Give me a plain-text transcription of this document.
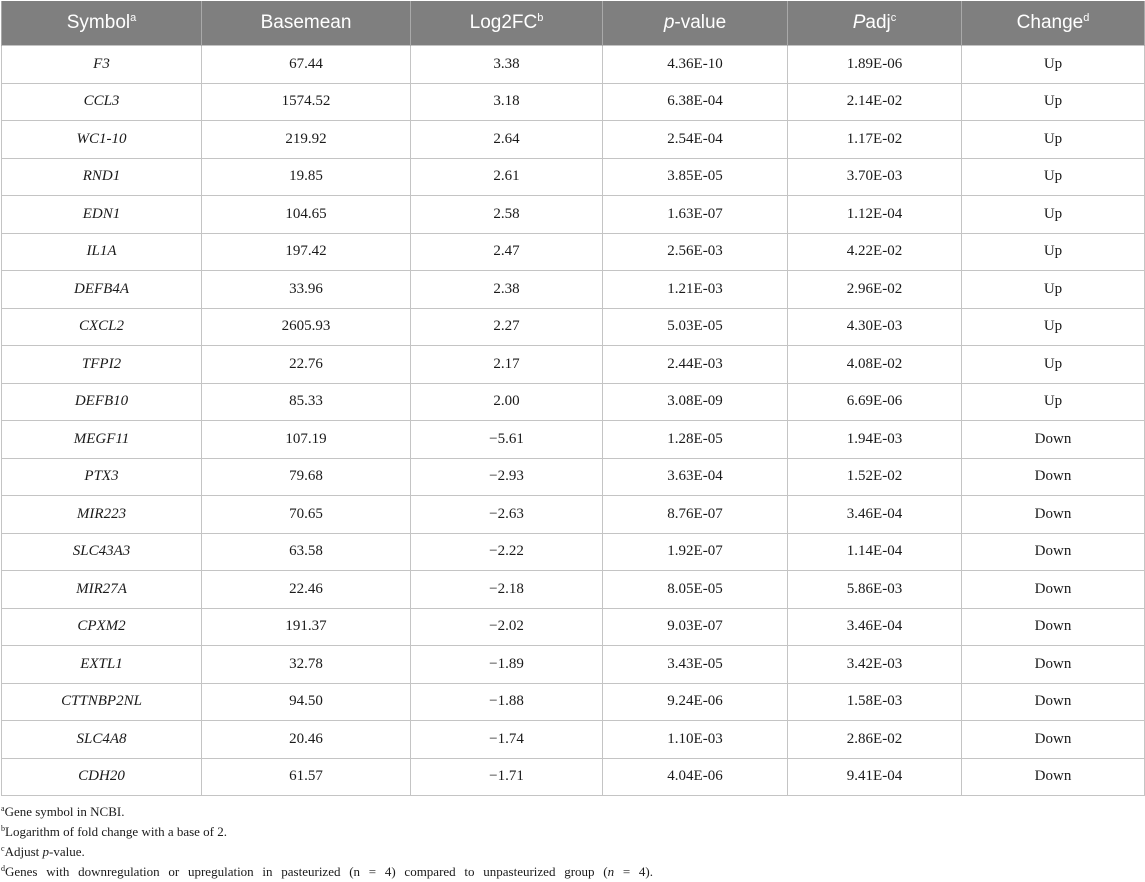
Symbol$^a$	Basemean	$Log2FC^b$	p-value	Padj$^c$	Change$^d$
F3	67.44	3.38	4.36E-10	1.89E-06	Up
CCL3	1574.52	3.18	6.38E-04	2.14E-02	Up
WC1-10	219.92	2.64	2.54E-04	1.17E-02	Up
RND1	19.85	2.61	3.85E-05	3.70E-03	Up
EDN1	104.65	2.58	1.63E-07	1.12E-04	Up
IL1A	197.42	2.47	2.56E-03	4.22E-02	Up
DEFB4A	33.96	2.38	1.21E-03	2.96E-02	Up
CXCL2	2605.93	2.27	5.03E-05	4.30E-03	Up
TFPI2	22.76	2.17	2.44E-03	4.08E-02	Up
DEFB10	85.33	2.00	3.08E-09	6.69E-06	Up
MEGF11	107.19	−5.61	1.28E-05	1.94E-03	Down
PTX3	79.68	−2.93	3.63E-04	1.52E-02	Down
MIR223	70.65	−2.63	8.76E-07	3.46E-04	Down
SLC43A3	63.58	−2.22	1.92E-07	1.14E-04	Down
MIR27A	22.46	−2.18	8.05E-05	5.86E-03	Down
CPXM2	191.37	−2.02	9.03E-07	3.46E-04	Down
EXTL1	32.78	−1.89	3.43E-05	3.42E-03	Down
CTTNBP2NL	94.50	−1.88	9.24E-06	1.58E-03	Down
SLC4A8	20.46	−1.74	1.10E-03	2.86E-02	Down
CDH20	61.57	−1.71	4.04E-06	9.41E-04	Down
$^a$Gene symbol in NCBI.
$^b$Logarithm of fold change with a base of 2.
$^c$Adjust p-value.
$^d$Genes with downregulation or upregulation in pasteurized (n = 4) compared to unpasteurized group (n = 4).
